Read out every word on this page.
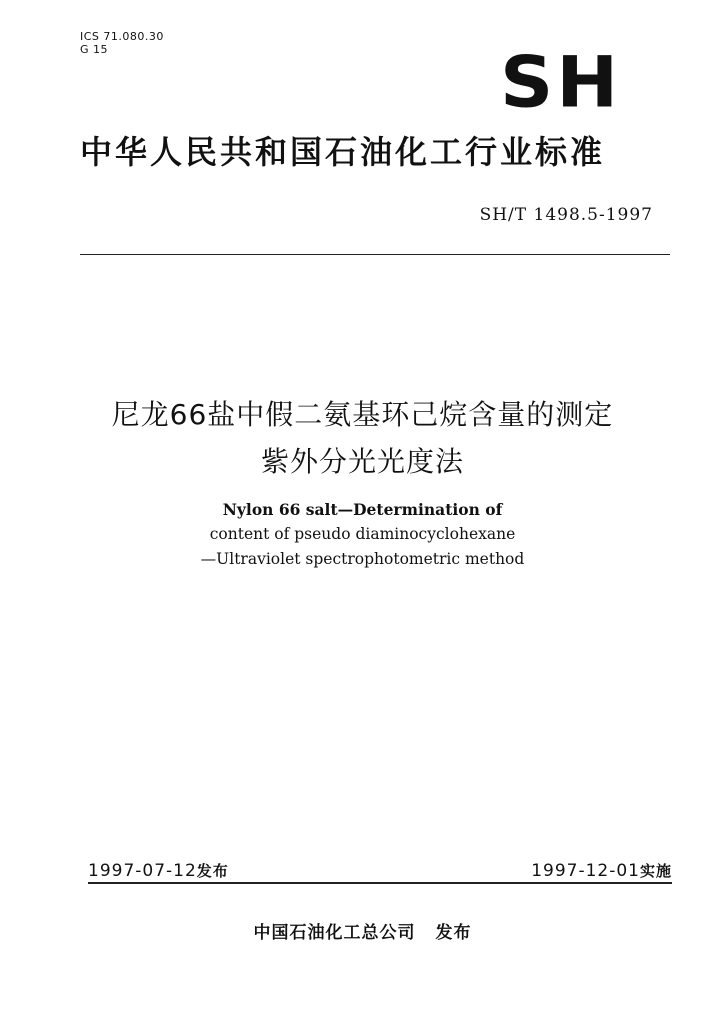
ICS 71.080.30
G 15	SH
中华人民共和国石油化工行业标准
SH/T 1498.5-1997
尼龙66盐中假二氨基环己烷含量的测定
紫外分光光度法
Nylon 66 salt—Determination of
content of pseudo diaminocyclohexane
—Ultraviolet spectrophotometric method
1997-07-12发布	1997-12-01实施
中国石油化工总公司 发布
